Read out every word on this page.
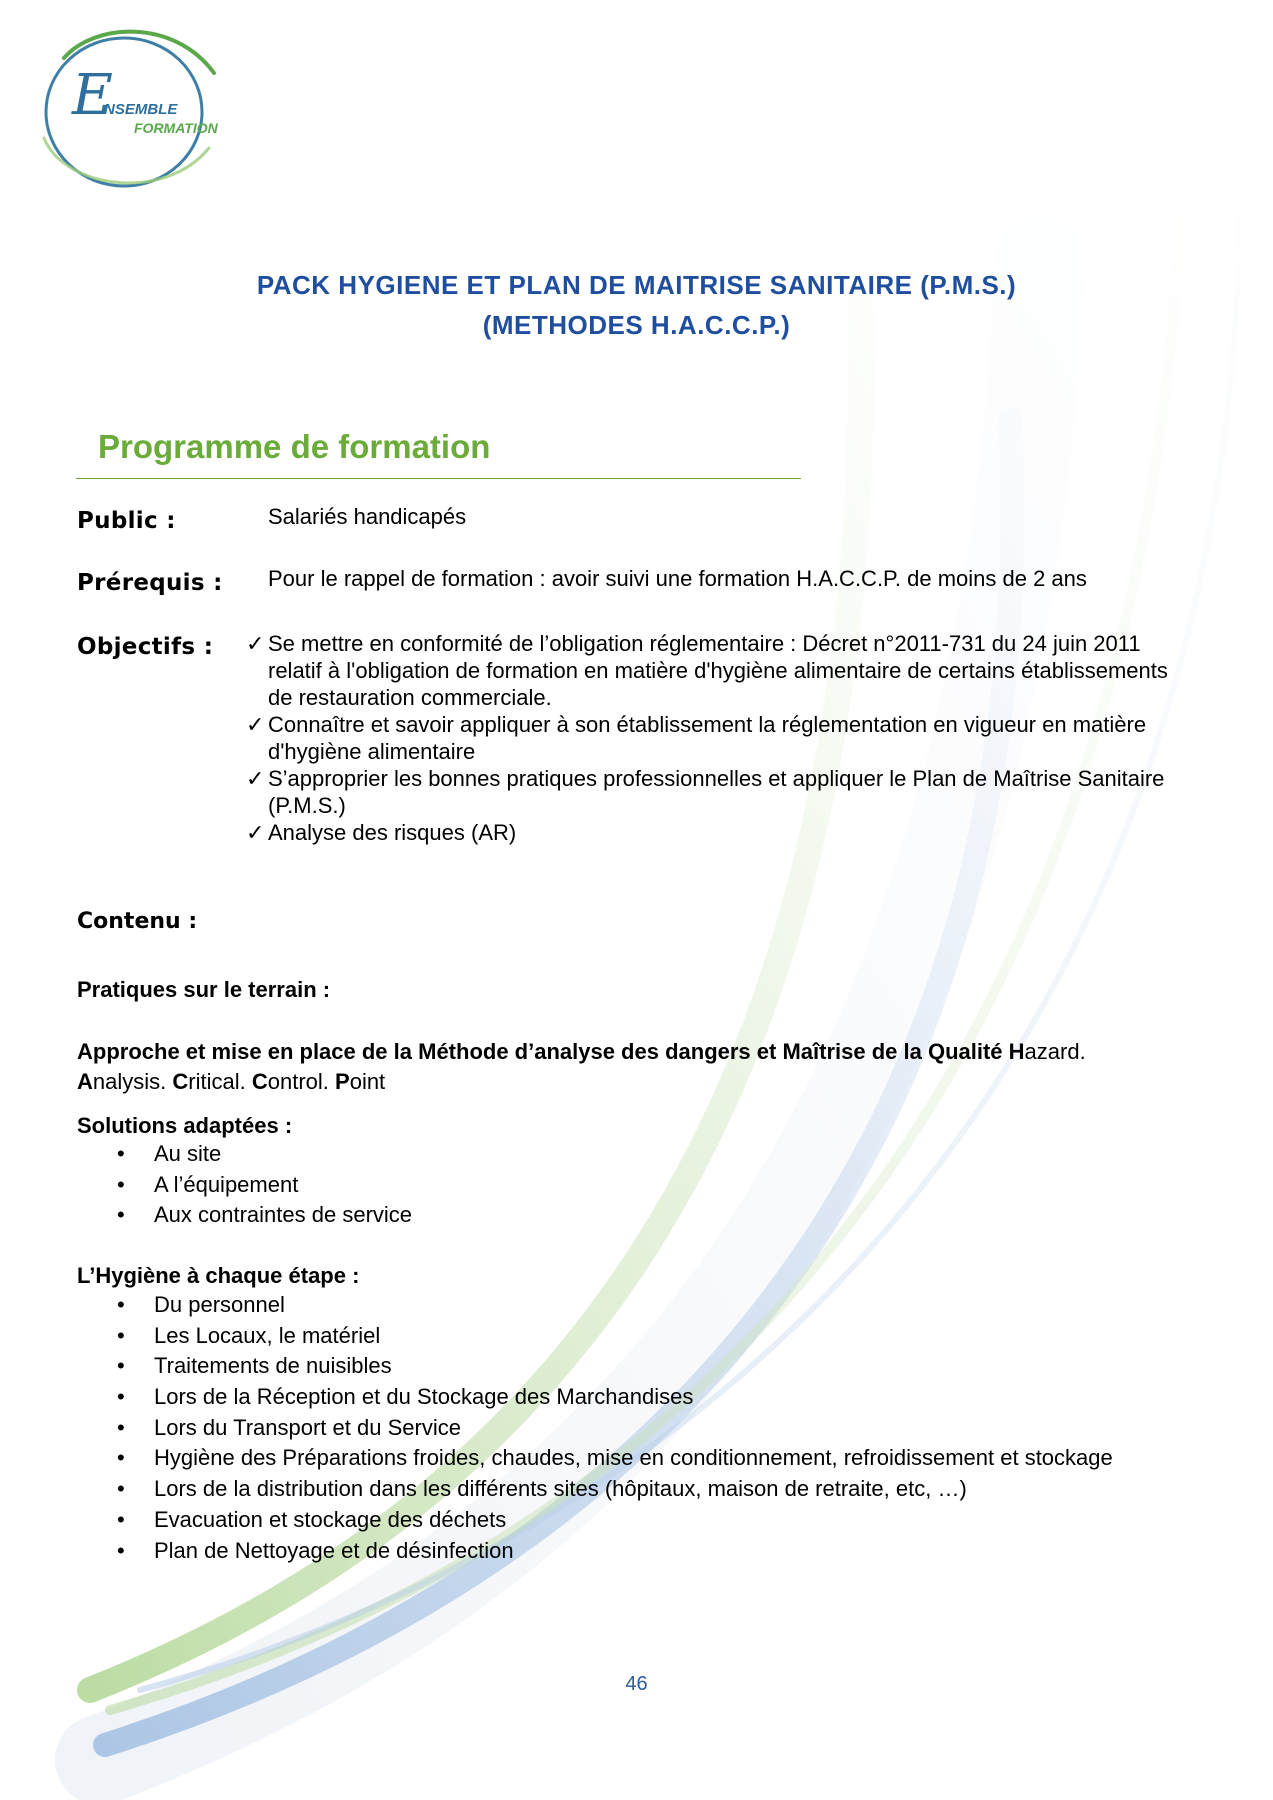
E
NSEMBLE
FORMATION
PACK HYGIENE ET PLAN DE MAITRISE SANITAIRE (P.M.S.)
(METHODES H.A.C.C.P.)
Programme de formation
Public :	Salariés handicapés
Prérequis : Pour le rappel de formation : avoir suivi une formation H.A.C.C.P. de moins de 2 ans
Objectifs : ✓ Se mettre en conformité de l’obligation réglementaire : Décret n°2011-731 du 24 juin 2011 relatif à l'obligation de formation en matière d'hygiène alimentaire de certains établissements de restauration commerciale.
✓ Connaître et savoir appliquer à son établissement la réglementation en vigueur en matière d'hygiène alimentaire
✓ S’approprier les bonnes pratiques professionnelles et appliquer le Plan de Maîtrise Sanitaire (P.M.S.)
✓ Analyse des risques (AR)
Contenu :
Pratiques sur le terrain :
Approche et mise en place de la Méthode d’analyse des dangers et Maîtrise de la Qualité Hazard.
Analysis. Critical. Control. Point
Solutions adaptées :
• Au site
• A l’équipement
• Aux contraintes de service
L’Hygiène à chaque étape :
• Du personnel
• Les Locaux, le matériel
• Traitements de nuisibles
• Lors de la Réception et du Stockage des Marchandises
• Lors du Transport et du Service
• Hygiène des Préparations froides, chaudes, mise en conditionnement, refroidissement et stockage
• Lors de la distribution dans les différents sites (hôpitaux, maison de retraite, etc, …)
• Evacuation et stockage des déchets
• Plan de Nettoyage et de désinfection
46
